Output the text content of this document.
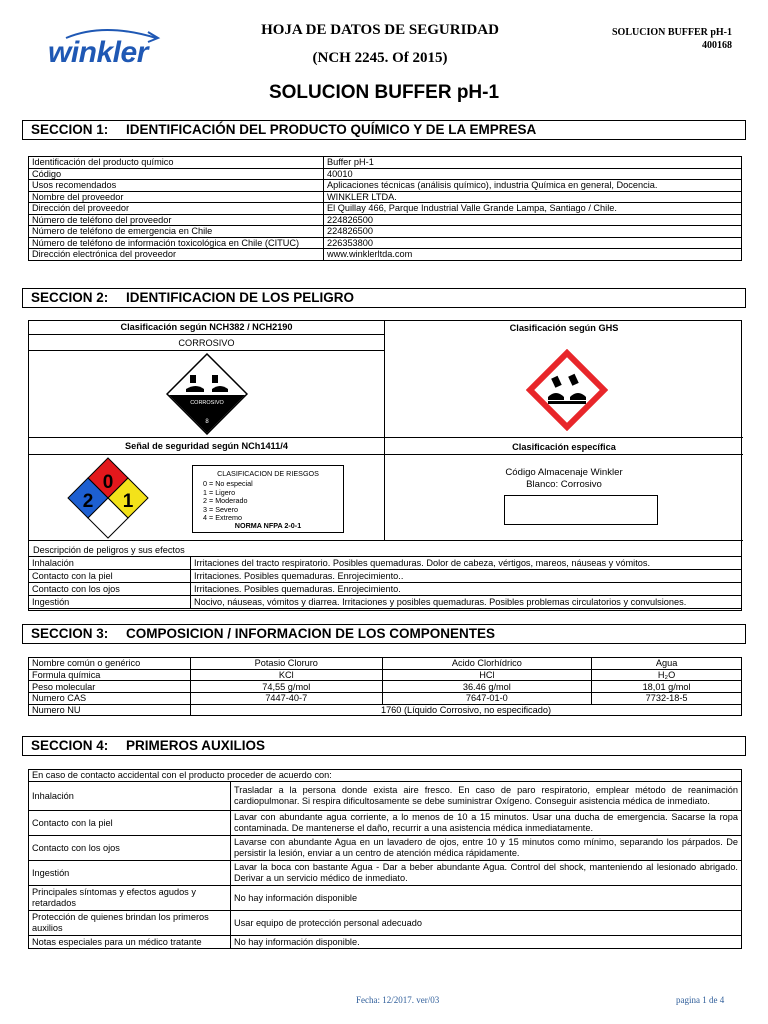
winkler
HOJA DE DATOS DE SEGURIDAD
(NCH 2245. Of 2015)
SOLUCION BUFFER pH-1
400168
SOLUCION BUFFER pH-1
SECCION 1: IDENTIFICACIÓN DEL PRODUCTO QUÍMICO Y DE LA EMPRESA
Identificación del producto químico	Buffer pH-1
Código	40010
Usos recomendados	Aplicaciones técnicas (análisis químico), industria Química en general, Docencia.
Nombre del proveedor	WINKLER LTDA.
Dirección del proveedor	El Quillay 466, Parque Industrial Valle Grande Lampa, Santiago / Chile.
Número de teléfono del proveedor	224826500
Número de teléfono de emergencia en Chile	224826500
Número de teléfono de información toxicológica en Chile (CITUC)	226353800
Dirección electrónica del proveedor	www.winklerltda.com
SECCION 2: IDENTIFICACION DE LOS PELIGRO
Clasificación según NCH382 / NCH2190	Clasificación según GHS
CORROSIVO
CORROSIVO
8
Señal de seguridad según NCh1411/4	Clasificación específica
0
2 1
CLASIFICACION DE RIESGOS
0 = No especial
1 = Ligero
2 = Moderado
3 = Severo
4 = Extremo
NORMA NFPA 2-0-1
Código Almacenaje Winkler
Blanco: Corrosivo
Descripción de peligros y sus efectos
Inhalación	Irritaciones del tracto respiratorio. Posibles quemaduras. Dolor de cabeza, vértigos, mareos, náuseas y vómitos.
Contacto con la piel	Irritaciones. Posibles quemaduras. Enrojecimiento..
Contacto con los ojos	Irritaciones. Posibles quemaduras. Enrojecimiento.
Ingestión	Nocivo, náuseas, vómitos y diarrea. Irritaciones y posibles quemaduras. Posibles problemas circulatorios y convulsiones.
SECCION 3: COMPOSICION / INFORMACION DE LOS COMPONENTES
Nombre común o genérico	Potasio Cloruro	Acido Clorhídrico	Agua
Formula química	KCl	HCl	H₂O
Peso molecular	74,55 g/mol	36.46 g/mol	18,01 g/mol
Numero CAS	7447-40-7	7647-01-0	7732-18-5
Numero NU	1760 (Líquido Corrosivo, no especificado)		
SECCION 4: PRIMEROS AUXILIOS
En caso de contacto accidental con el producto proceder de acuerdo con:	
Inhalación	Trasladar a la persona donde exista aire fresco. En caso de paro respiratorio, emplear método de reanimación cardiopulmonar. Si respira dificultosamente se debe suministrar Oxígeno. Conseguir asistencia médica de inmediato.
Contacto con la piel	Lavar con abundante agua corriente, a lo menos de 10 a 15 minutos. Usar una ducha de emergencia. Sacarse la ropa contaminada. De mantenerse el daño, recurrir a una asistencia médica inmediatamente.
Contacto con los ojos	Lavarse con abundante Agua en un lavadero de ojos, entre 10 y 15 minutos como mínimo, separando los párpados. De persistir la lesión, enviar a un centro de atención médica rápidamente.
Ingestión	Lavar la boca con bastante Agua - Dar a beber abundante Agua. Control del shock, manteniendo al lesionado abrigado. Derivar a un servicio médico de inmediato.
Principales síntomas y efectos agudos y retardados	No hay información disponible
Protección de quienes brindan los primeros auxilios	Usar equipo de protección personal adecuado
Notas especiales para un médico tratante	No hay información disponible.
Fecha: 12/2017. ver/03	pagina 1 de 4
